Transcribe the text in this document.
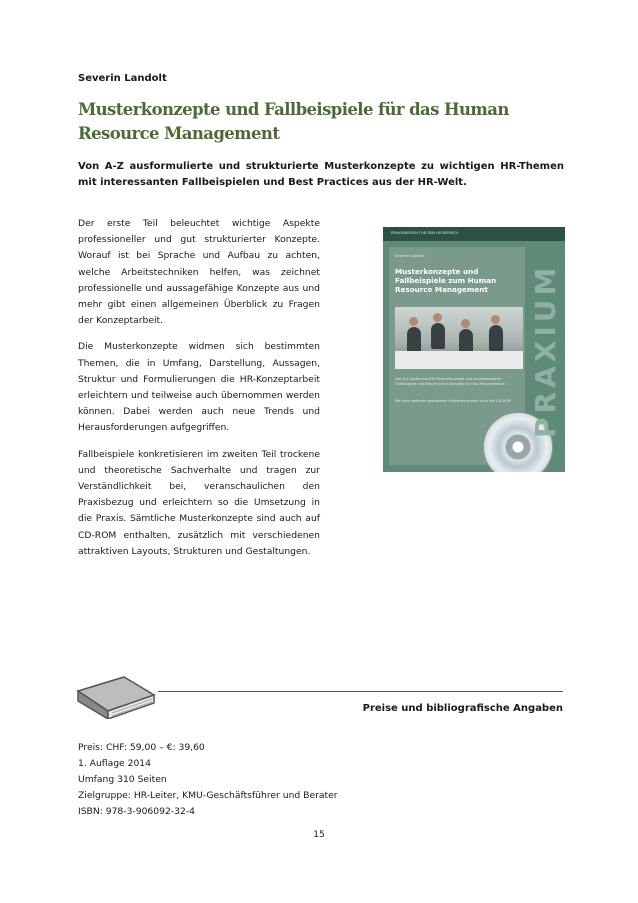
Severin Landolt
Musterkonzepte und Fallbeispiele für das Human Resource Management
Von A-Z ausformulierte und strukturierte Musterkonzepte zu wichtigen HR-Themen mit interessanten Fallbeispielen und Best Practices aus der HR-Welt.

Der erste Teil beleuchtet wichtige Aspekte professioneller und gut strukturierter Konzepte. Worauf ist bei Sprache und Aufbau zu achten, welche Arbeitstechniken helfen, was zeichnet professionelle und aussagefähige Konzepte aus und mehr gibt einen allgemeinen Überblick zu Fragen der Konzeptarbeit.

Die Musterkonzepte widmen sich bestimmten Themen, die in Umfang, Darstellung, Aussagen, Struktur und Formulierungen die HR-Konzeptarbeit erleichtern und teilweise auch übernommen werden können. Dabei werden auch neue Trends und Herausforderungen aufgegriffen.

Fallbeispiele konkretisieren im zweiten Teil trockene und theoretische Sachverhalte und tragen zur Verständlichkeit bei, veranschaulichen den Praxisbezug und erleichtern so die Umsetzung in die Praxis. Sämtliche Musterkonzepte sind auch auf CD-ROM enthalten, zusätzlich mit verschiedenen attraktiven Layouts, Strukturen und Gestaltungen.

PRAXISWISSEN FÜR DEN HR-BEREICH
Severin Landolt
Musterkonzepte und Fallbeispiele zum Human Resource Management
Von A-Z ausformulierte Musterkonzepte und praxisbezogene Fallbeispiele und Best Practice Beispiele für das Personalwesen
Mit allen weiteren gestalteten Musterkonzepten auch auf CD-ROM PRAXIUM
Preise und bibliografische Angaben
Preis: CHF: 59,00 – €: 39,60
1. Auflage 2014
Umfang 310 Seiten
Zielgruppe: HR-Leiter, KMU-Geschäftsführer und Berater
ISBN: 978-3-906092-32-4
15
